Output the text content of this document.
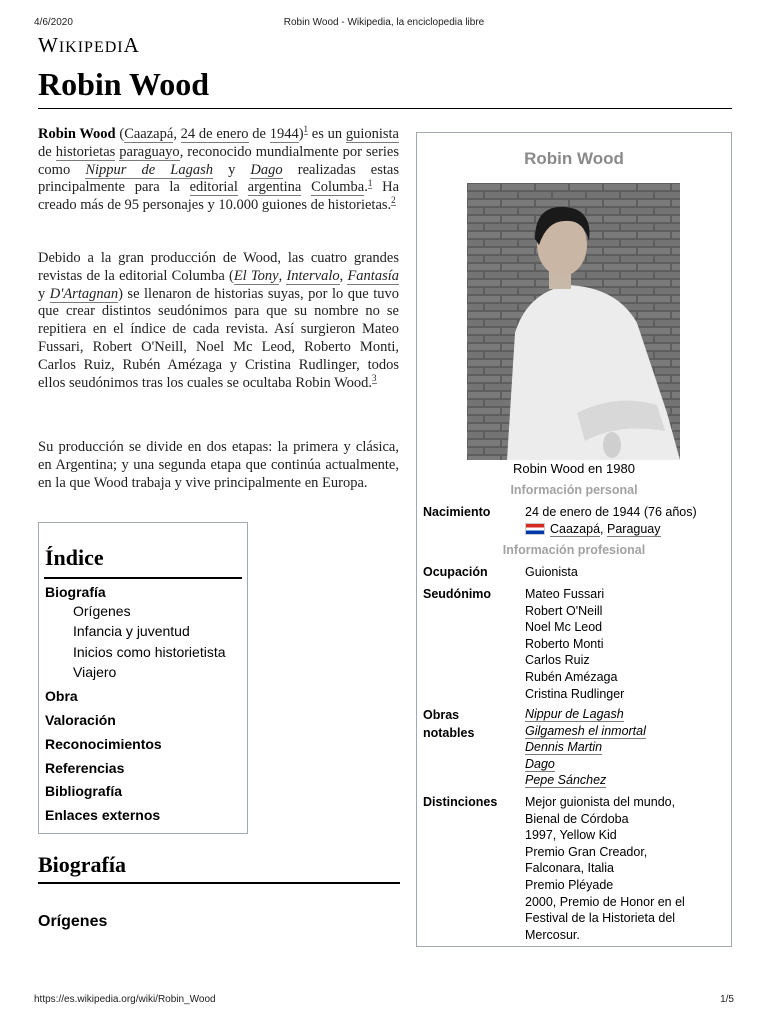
4/6/2020	Robin Wood - Wikipedia, la enciclopedia libre
WIKIPEDIA
Robin Wood

Robin Wood (Caazapá, 24 de enero de 1944)$^1$ es un guionista de historietas paraguayo, reconocido mundialmente por series como Nippur de Lagash y Dago realizadas estas principalmente para la editorial argentina Columba.$^1$ Ha creado más de 95 personajes y 10.000 guiones de historietas.$^2$

Debido a la gran producción de Wood, las cuatro grandes revistas de la editorial Columba (El Tony, Intervalo, Fantasía y D'Artagnan) se llenaron de historias suyas, por lo que tuvo que crear distintos seudónimos para que su nombre no se repitiera en el índice de cada revista. Así surgieron Mateo Fussari, Robert O'Neill, Noel Mc Leod, Roberto Monti, Carlos Ruiz, Rubén Amézaga y Cristina Rudlinger, todos ellos seudónimos tras los cuales se ocultaba Robin Wood.$^3$

Su producción se divide en dos etapas: la primera y clásica, en Argentina; y una segunda etapa que continúa actualmente, en la que Wood trabaja y vive principalmente en Europa.

Índice
Biografía
Orígenes
Infancia y juventud
Inicios como historietista
Viajero
Obra
Valoración
Reconocimientos
Referencias
Bibliografía
Enlaces externos
Biografía
Orígenes
Robin Wood
Robin Wood en 1980
Información personal
Nacimiento	24 de enero de 1944 (76 años)
Caazapá, Paraguay
Información profesional
Ocupación	Guionista
Seudónimo	Mateo Fussari
Robert O'Neill
Noel Mc Leod
Roberto Monti
Carlos Ruiz
Rubén Amézaga
Cristina Rudlinger
Obras
notables
Nippur de Lagash
Gilgamesh el inmortal
Dennis Martin
Dago
Pepe Sánchez
Distinciones Mejor guionista del mundo,
Bienal de Córdoba
1997, Yellow Kid
Premio Gran Creador,
Falconara, Italia
Premio Pléyade
2000, Premio de Honor en el
Festival de la Historieta del
Mercosur.
https://es.wikipedia.org/wiki/Robin_Wood	1/5
